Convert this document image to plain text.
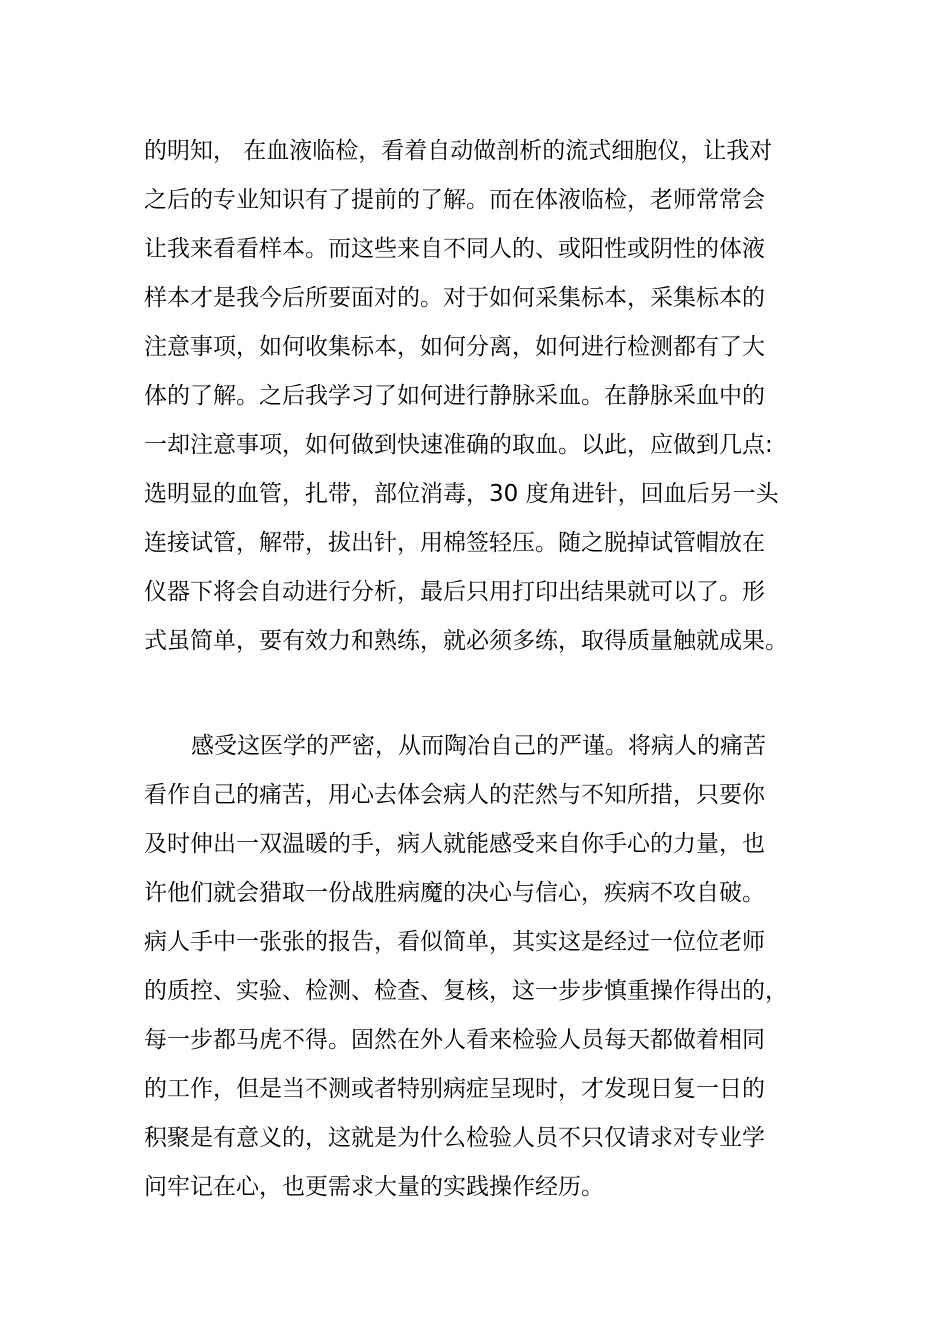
的明知， 在血液临检，看着自动做剖析的流式细胞仪，让我对
之后的专业知识有了提前的了解。而在体液临检，老师常常会
让我来看看样本。而这些来自不同人的、或阳性或阴性的体液
样本才是我今后所要面对的。对于如何采集标本，采集标本的
注意事项，如何收集标本，如何分离，如何进行检测都有了大
体的了解。之后我学习了如何进行静脉采血。在静脉采血中的
一却注意事项，如何做到快速准确的取血。以此，应做到几点:
选明显的血管，扎带，部位消毒，30 度角进针，回血后另一头
连接试管，解带，拔出针，用棉签轻压。随之脱掉试管帽放在
仪器下将会自动进行分析，最后只用打印出结果就可以了。形
式虽简单，要有效力和熟练，就必须多练，取得质量触就成果。
感受这医学的严密，从而陶冶自己的严谨。将病人的痛苦
看作自己的痛苦，用心去体会病人的茫然与不知所措，只要你
及时伸出一双温暖的手，病人就能感受来自你手心的力量，也
许他们就会猎取一份战胜病魔的决心与信心，疾病不攻自破。
病人手中一张张的报告，看似简单，其实这是经过一位位老师
的质控、实验、检测、检查、复核，这一步步慎重操作得出的，
每一步都马虎不得。固然在外人看来检验人员每天都做着相同
的工作，但是当不测或者特别病症呈现时，才发现日复一日的
积聚是有意义的，这就是为什么检验人员不只仅请求对专业学
问牢记在心，也更需求大量的实践操作经历。
